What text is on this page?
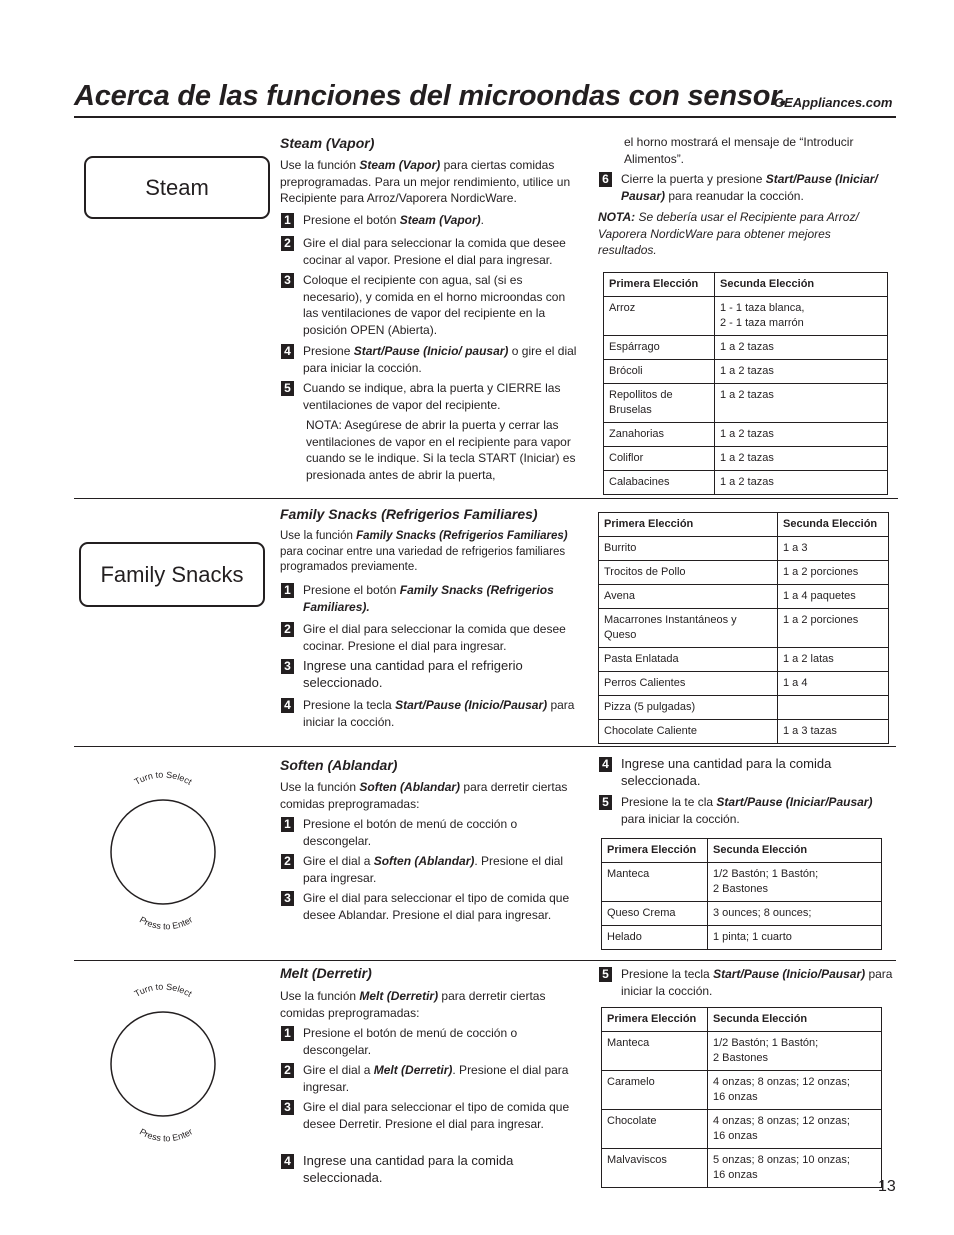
Acerca de las funciones del microondas con sensor.
GEAppliances.com
Steam
Steam (Vapor)
Use la función Steam (Vapor) para ciertas comidas preprogramadas. Para un mejor rendimiento, utilice un Recipiente para Arroz/Vaporera NordicWare.
1	Presione el botón Steam (Vapor).
2	Gire el dial para seleccionar la comida que desee cocinar al vapor. Presione el dial para ingresar.
3	Coloque el recipiente con agua, sal (si es necesario), y comida en el horno microondas con las ventilaciones de vapor del recipiente en la posición OPEN (Abierta).
4	Presione Start/Pause (Inicio/ pausar) o gire el dial para iniciar la cocción.
5	Cuando se indique, abra la puerta y CIERRE las ventilaciones de vapor del recipiente.
NOTA: Asegúrese de abrir la puerta y cerrar las ventilaciones de vapor en el recipiente para vapor cuando se le indique. Si la tecla START (Iniciar) es presionada antes de abrir la puerta,
el horno mostrará el mensaje de “Introducir Alimentos”.
6	Cierre la puerta y presione Start/Pause (Iniciar/ Pausar) para reanudar la cocción.
NOTA: Se debería usar el Recipiente para Arroz/ Vaporera NordicWare para obtener mejores resultados.
Primera Elección	Secunda Elección
Arroz	1 - 1 taza blanca,
2 - 1 taza marrón
Espárrago	1 a 2 tazas
Brócoli	1 a 2 tazas
Repollitos de Bruselas	1 a 2 tazas
Zanahorias	1 a 2 tazas
Coliflor	1 a 2 tazas
Calabacines	1 a 2 tazas
Family Snacks
Family Snacks (Refrigerios Familiares)
Use la función Family Snacks (Refrigerios Familiares) para cocinar entre una variedad de refrigerios familiares programados previamente.
1	Presione el botón Family Snacks (Refrigerios Familiares).
2	Gire el dial para seleccionar la comida que desee cocinar. Presione el dial para ingresar.
3 Ingrese una cantidad para el refrigerio seleccionado.
4	Presione la tecla Start/Pause (Inicio/Pausar) para iniciar la cocción.
Primera Elección	Secunda Elección
Burrito	1 a 3
Trocitos de Pollo	1 a 2 porciones
Avena	1 a 4 paquetes
Macarrones Instantáneos y Queso	1 a 2 porciones
Pasta Enlatada	1 a 2 latas
Perros Calientes	1 a 4
Pizza (5 pulgadas)	
Chocolate Caliente	1 a 3 tazas
Turn to Select
Press to Enter
Soften (Ablandar)
Use la función Soften (Ablandar) para derretir ciertas comidas preprogramadas:
1	Presione el botón de menú de cocción o descongelar.
2	Gire el dial a Soften (Ablandar). Presione el dial para ingresar.
3	Gire el dial para seleccionar el tipo de comida que desee Ablandar. Presione el dial para ingresar.
4 Ingrese una cantidad para la comida seleccionada.
5	Presione la te cla Start/Pause (Iniciar/Pausar) para iniciar la cocción.
Primera Elección	Secunda Elección
Manteca	1/2 Bastón; 1 Bastón;
2 Bastones
Queso Crema	3 ounces; 8 ounces;
Helado	1 pinta; 1 cuarto
Turn to Select
Press to Enter
Melt (Derretir)
Use la función Melt (Derretir) para derretir ciertas comidas preprogramadas:
1	Presione el botón de menú de cocción o descongelar.
2	Gire el dial a Melt (Derretir). Presione el dial para ingresar.
3	Gire el dial para seleccionar el tipo de comida que desee Derretir. Presione el dial para ingresar.
4 Ingrese una cantidad para la comida seleccionada.
5	Presione la tecla Start/Pause (Inicio/Pausar) para iniciar la cocción.
Primera Elección	Secunda Elección
Manteca	1/2 Bastón; 1 Bastón;
2 Bastones
Caramelo	4 onzas; 8 onzas; 12 onzas;
16 onzas
Chocolate	4 onzas; 8 onzas; 12 onzas;
16 onzas
Malvaviscos	5 onzas; 8 onzas; 10 onzas;
16 onzas
13
